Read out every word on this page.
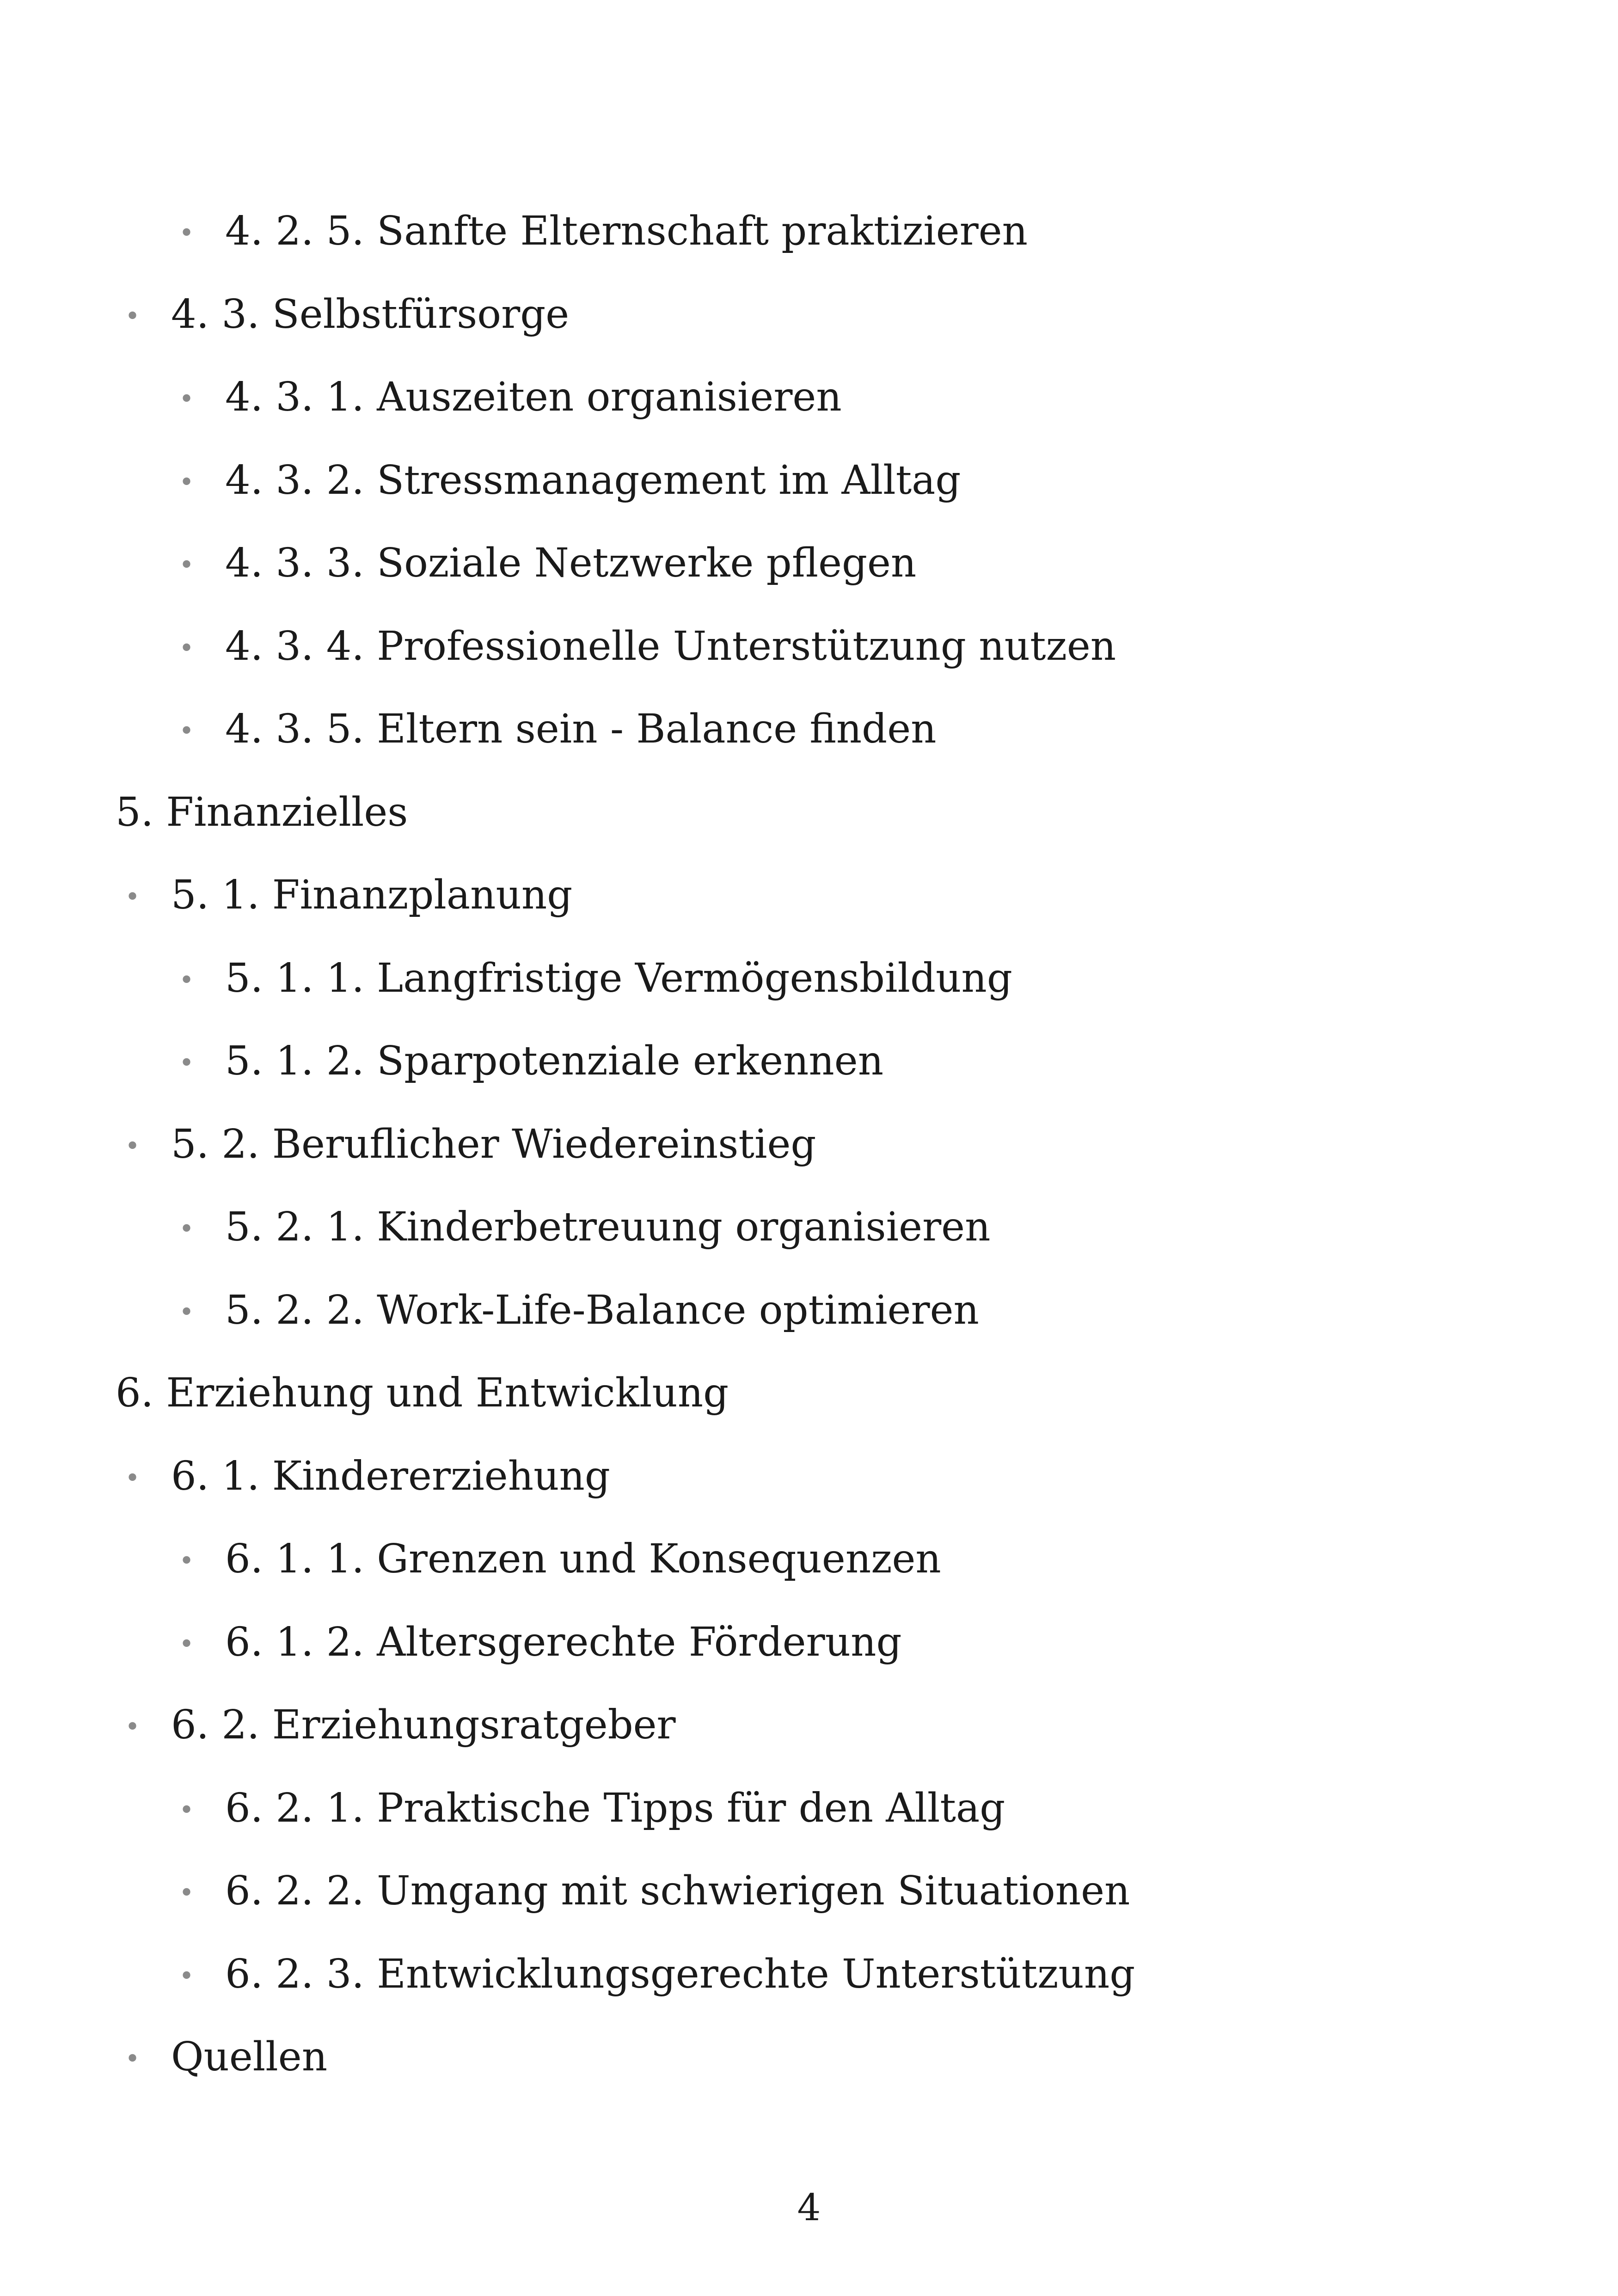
• 4. 2. 5. Sanfte Elternschaft praktizieren
• 4. 3. Selbstfürsorge
• 4. 3. 1. Auszeiten organisieren
• 4. 3. 2. Stressmanagement im Alltag
• 4. 3. 3. Soziale Netzwerke pflegen
• 4. 3. 4. Professionelle Unterstützung nutzen
• 4. 3. 5. Eltern sein - Balance finden
5. Finanzielles
• 5. 1. Finanzplanung
• 5. 1. 1. Langfristige Vermögensbildung
• 5. 1. 2. Sparpotenziale erkennen
• 5. 2. Beruflicher Wiedereinstieg
• 5. 2. 1. Kinderbetreuung organisieren
• 5. 2. 2. Work-Life-Balance optimieren
6. Erziehung und Entwicklung
• 6. 1. Kindererziehung
• 6. 1. 1. Grenzen und Konsequenzen
• 6. 1. 2. Altersgerechte Förderung
• 6. 2. Erziehungsratgeber
• 6. 2. 1. Praktische Tipps für den Alltag
• 6. 2. 2. Umgang mit schwierigen Situationen
• 6. 2. 3. Entwicklungsgerechte Unterstützung
• Quellen
4
